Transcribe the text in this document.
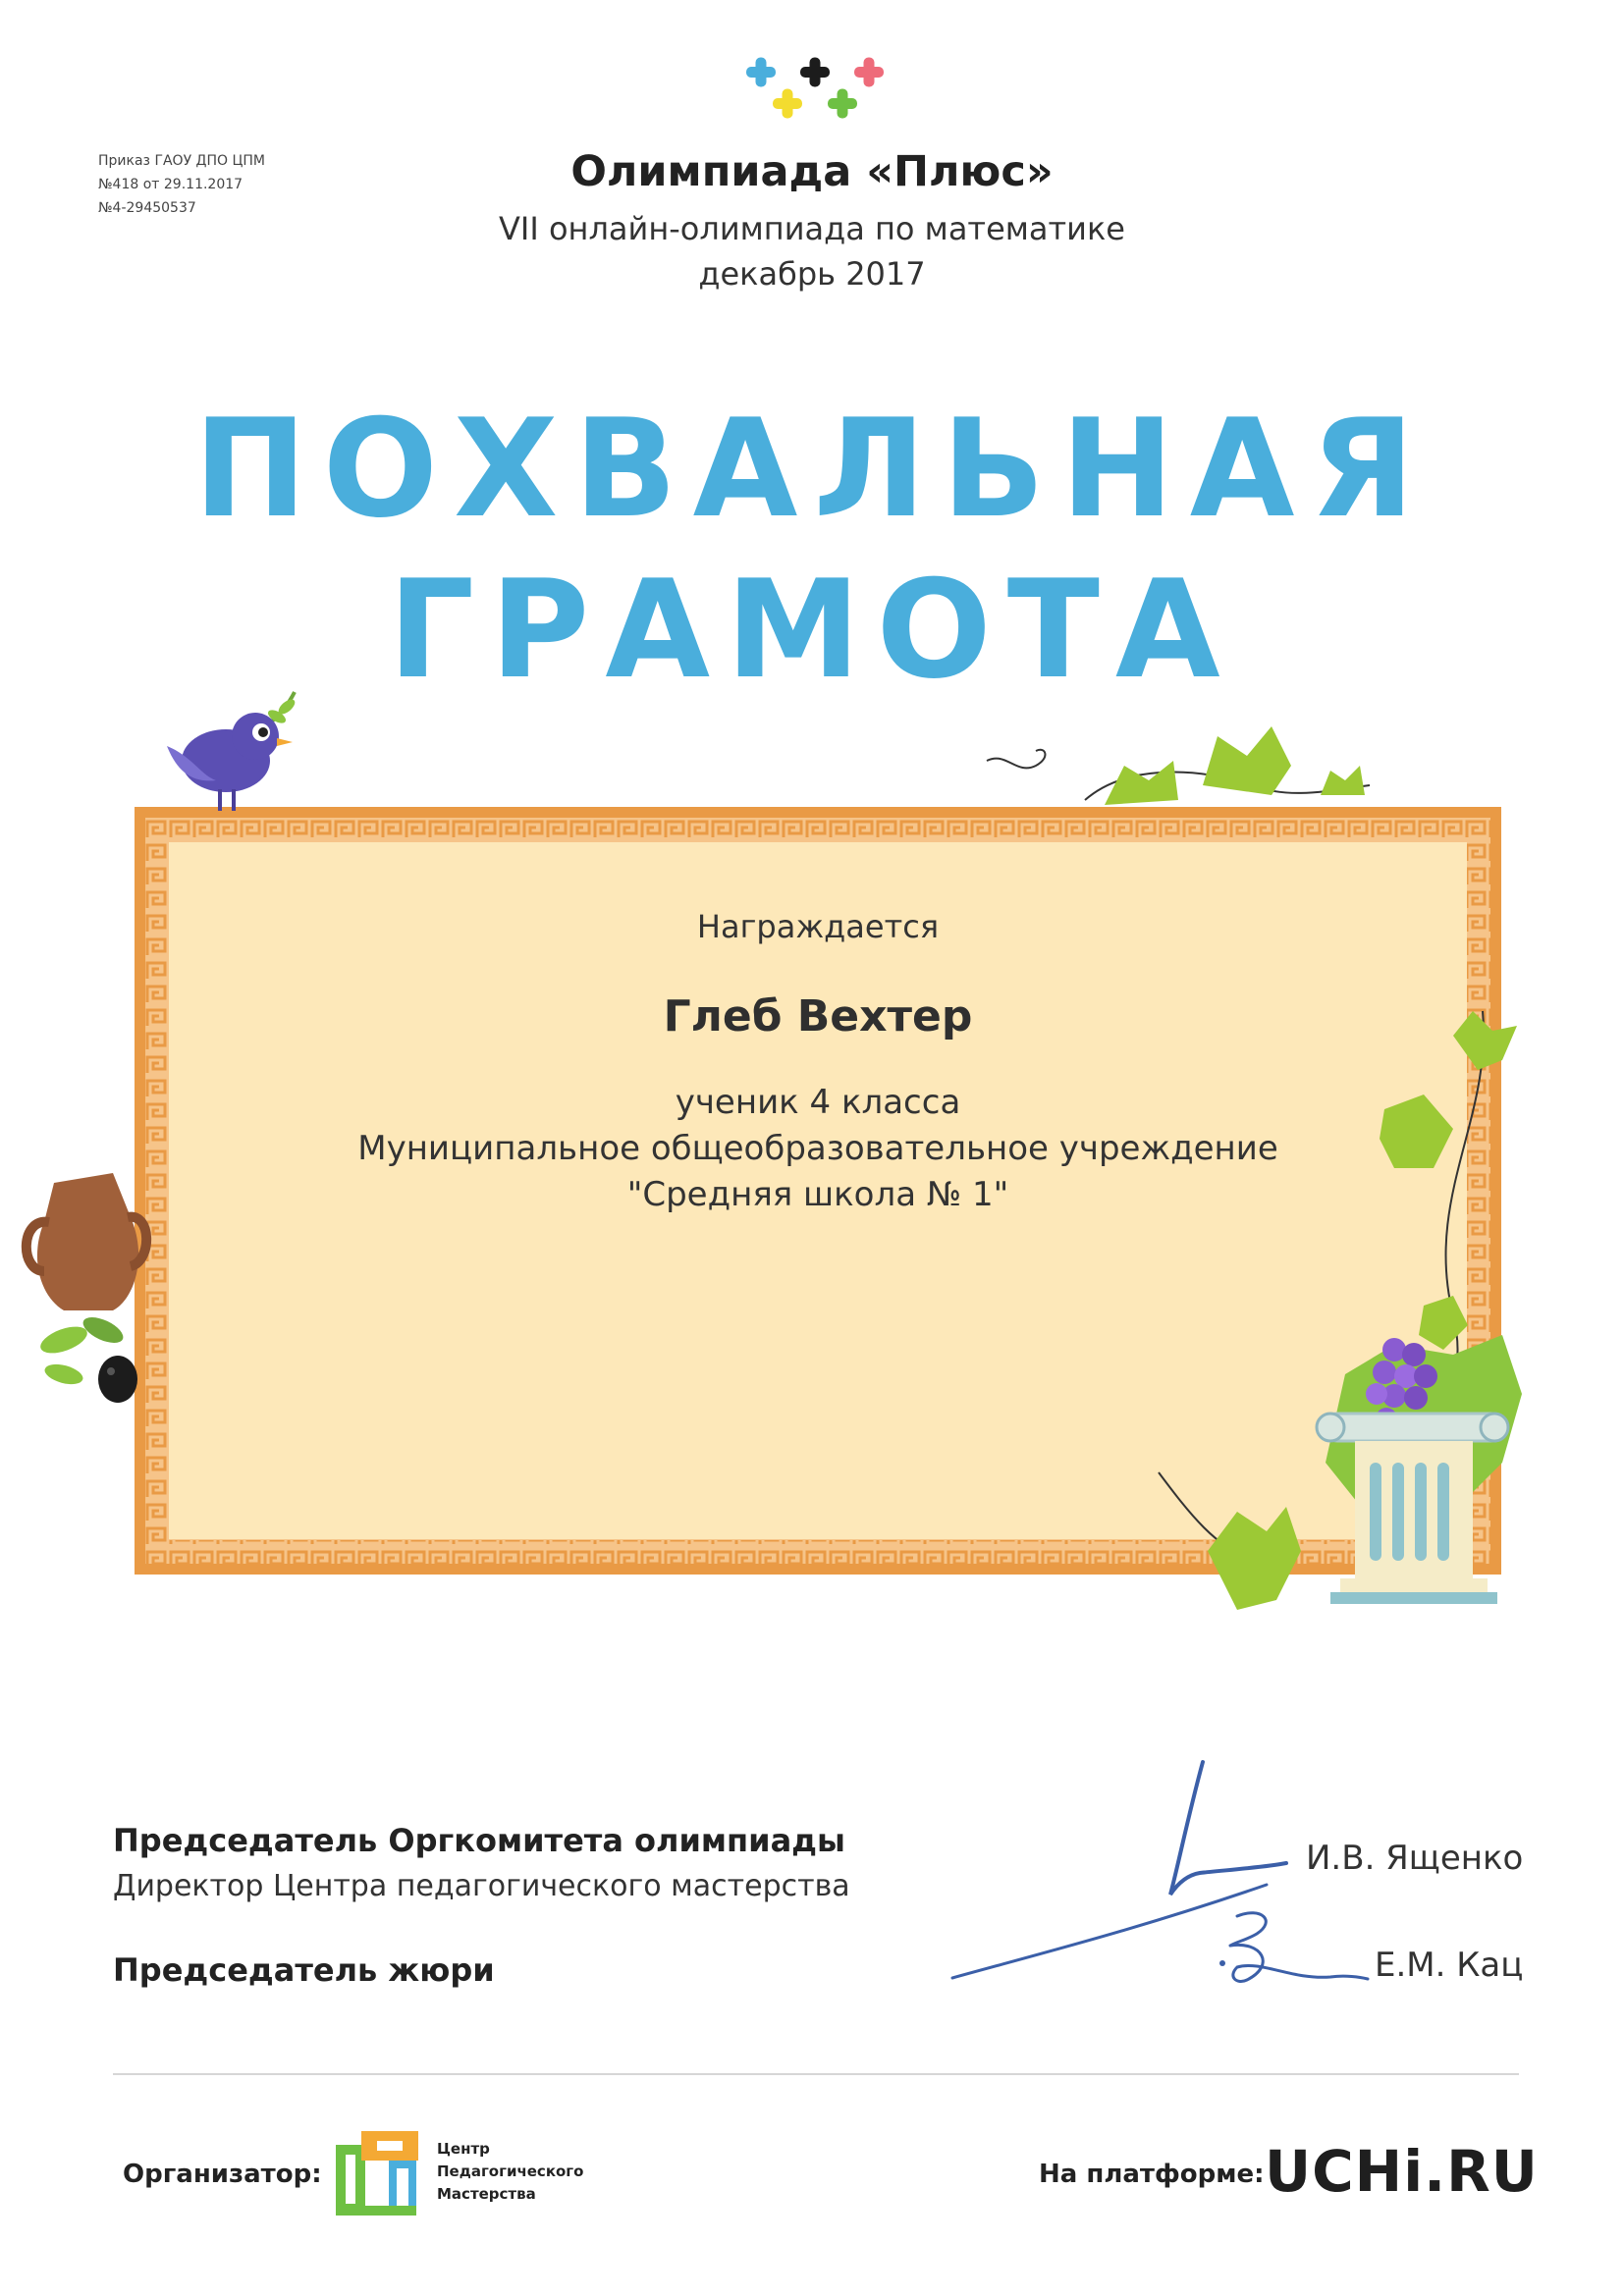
Приказ ГАОУ ДПО ЦПМ
№418 от 29.11.2017
№4-29450537
Олимпиада «Плюс»
VII онлайн-олимпиада по математике
декабрь 2017
ПОХВАЛЬНАЯ
ГРАМОТА
Награждается
Глеб Вехтер
ученик 4 класса
Муниципальное общеобразовательное учреждение
"Средняя школа № 1"
Председатель Оргкомитета олимпиады
Директор Центра педагогического мастерства
Председатель жюри
И.В. Ященко
Е.М. Кац
Организатор:
Центр
Педагогического
Мастерства
На платформе: UCHi.RU
